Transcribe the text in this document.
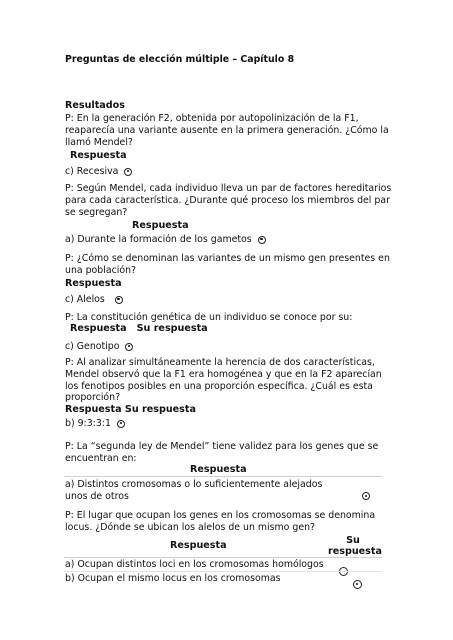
Preguntas de elección múltiple – Capítulo 8
Resultados
P: En la generación F2, obtenida por autopolinización de la F1, reaparecía una variante ausente en la primera generación. ¿Cómo la llamó Mendel?
Respuesta
c) Recesiva
P: Según Mendel, cada individuo lleva un par de factores hereditarios para cada característica. ¿Durante qué proceso los miembros del par se segregan?
Respuesta
a) Durante la formación de los gametos
P: ¿Cómo se denominan las variantes de un mismo gen presentes en una población?
Respuesta
c) Alelos
P: La constitución genética de un individuo se conoce por su:
Respuesta Su respuesta
c) Genotipo
P: Al analizar simultáneamente la herencia de dos características, Mendel observó que la F1 era homogénea y que en la F2 aparecían los fenotipos posibles en una proporción específica. ¿Cuál es esta proporción?
Respuesta Su respuesta
b) 9:3:3:1
P: La “segunda ley de Mendel” tiene validez para los genes que se encuentran en:
Respuesta
a) Distintos cromosomas o lo suficientemente alejados unos de otros

P: El lugar que ocupan los genes en los cromosomas se denomina locus. ¿Dónde se ubican los alelos de un mismo gen?
Respuesta	Su respuesta
a) Ocupan distintos loci en los cromosomas homólogos

b) Ocupan el mismo locus en los cromosomas
